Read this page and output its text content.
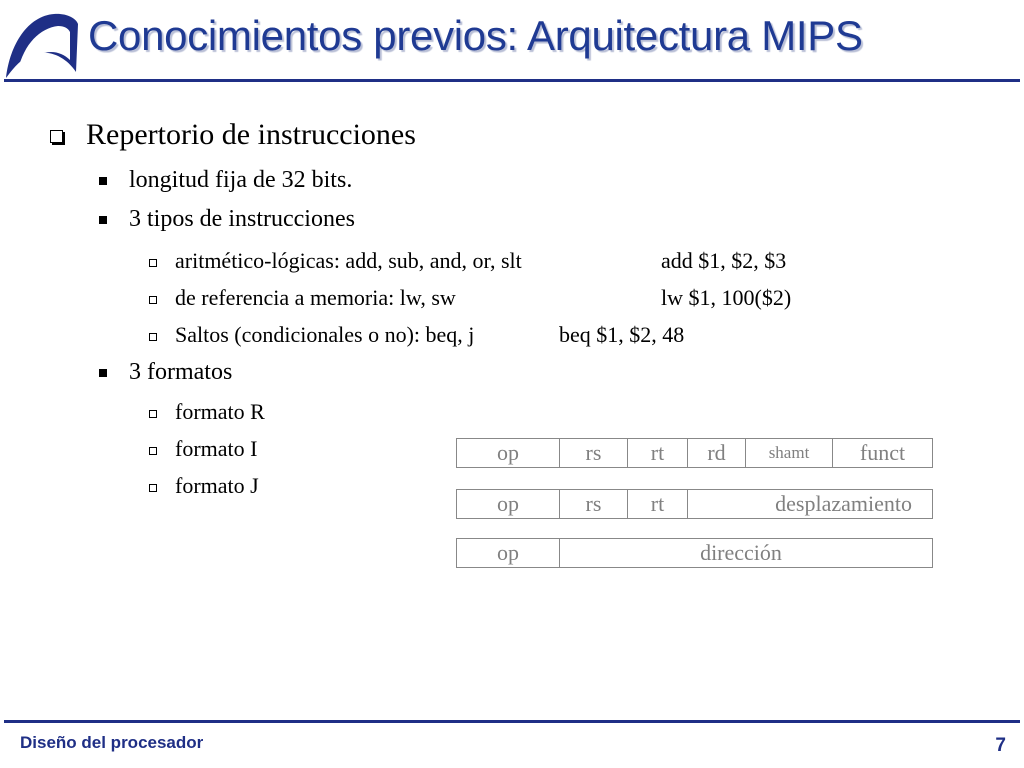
Conocimientos previos: Arquitectura MIPS
Repertorio de instrucciones
longitud fija de 32 bits.
3 tipos de instrucciones
aritmético-lógicas: add, sub, and, or, slt	add $1, $2, $3
de referencia a memoria: lw, sw	lw $1, 100($2)
Saltos (condicionales o no): beq, j	beq $1, $2, 48
3 formatos
formato R
formato I
formato J
op	rs	rt	rd	shamt	funct
op	rs	rt	desplazamiento
op	dirección
Diseño del procesador	7
